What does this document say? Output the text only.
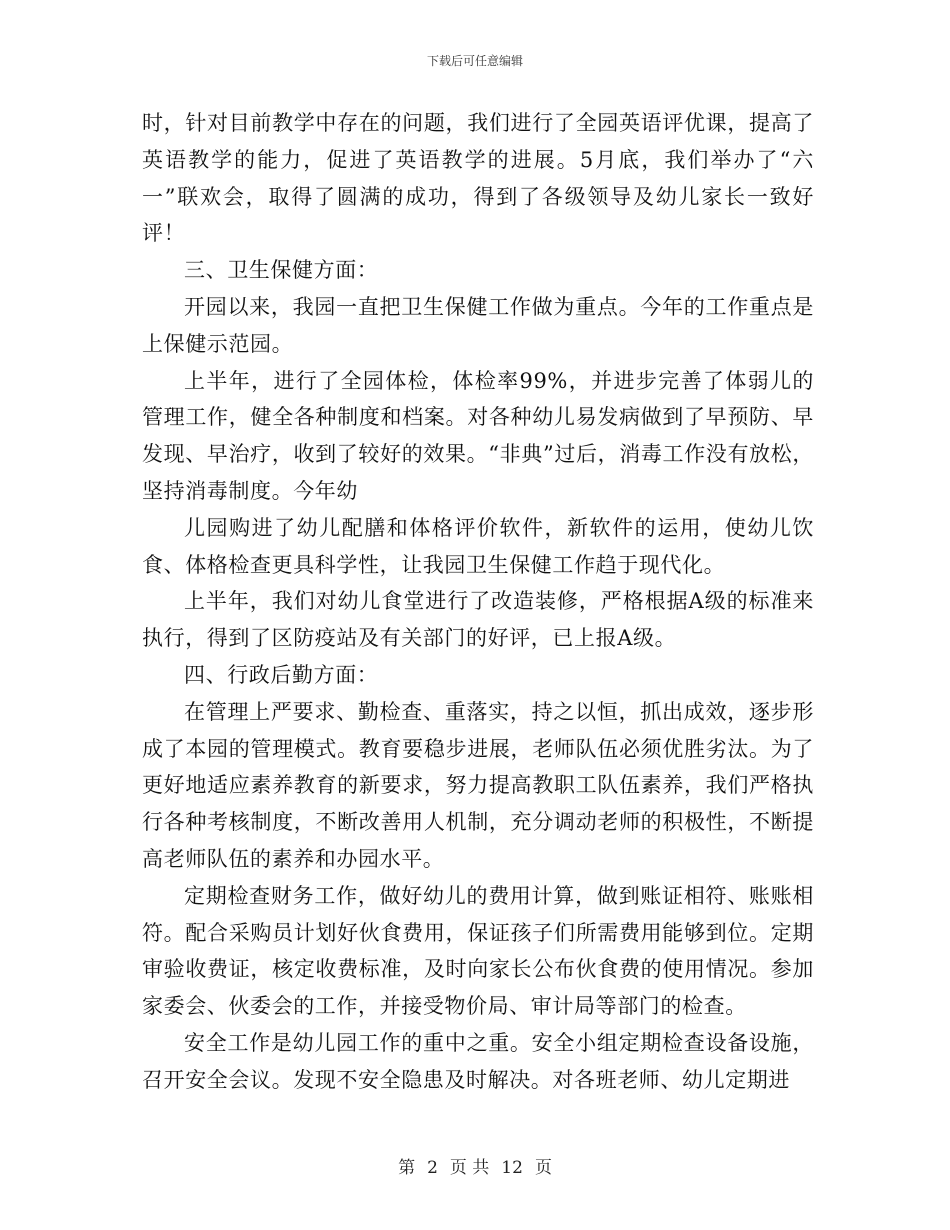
下载后可任意编辑

时，针对目前教学中存在的问题，我们进行了全园英语评优课，提高了英语教学的能力，促进了英语教学的进展。5月底，我们举办了“六一”联欢会，取得了圆满的成功，得到了各级领导及幼儿家长一致好评！

三、卫生保健方面：

开园以来，我园一直把卫生保健工作做为重点。今年的工作重点是上保健示范园。

上半年，进行了全园体检，体检率99%，并进步完善了体弱儿的管理工作，健全各种制度和档案。对各种幼儿易发病做到了早预防、早发现、早治疗，收到了较好的效果。“非典”过后，消毒工作没有放松，坚持消毒制度。今年幼

儿园购进了幼儿配膳和体格评价软件，新软件的运用，使幼儿饮食、体格检查更具科学性，让我园卫生保健工作趋于现代化。

上半年，我们对幼儿食堂进行了改造装修，严格根据A级的标准来执行，得到了区防疫站及有关部门的好评，已上报A级。

四、行政后勤方面：

在管理上严要求、勤检查、重落实，持之以恒，抓出成效，逐步形成了本园的管理模式。教育要稳步进展，老师队伍必须优胜劣汰。为了更好地适应素养教育的新要求，努力提高教职工队伍素养，我们严格执行各种考核制度，不断改善用人机制，充分调动老师的积极性，不断提高老师队伍的素养和办园水平。

定期检查财务工作，做好幼儿的费用计算，做到账证相符、账账相符。配合采购员计划好伙食费用，保证孩子们所需费用能够到位。定期审验收费证，核定收费标准，及时向家长公布伙食费的使用情况。参加家委会、伙委会的工作，并接受物价局、审计局等部门的检查。

安全工作是幼儿园工作的重中之重。安全小组定期检查设备设施，召开安全会议。发现不安全隐患及时解决。对各班老师、幼儿定期进

第 2 页 共 12 页
